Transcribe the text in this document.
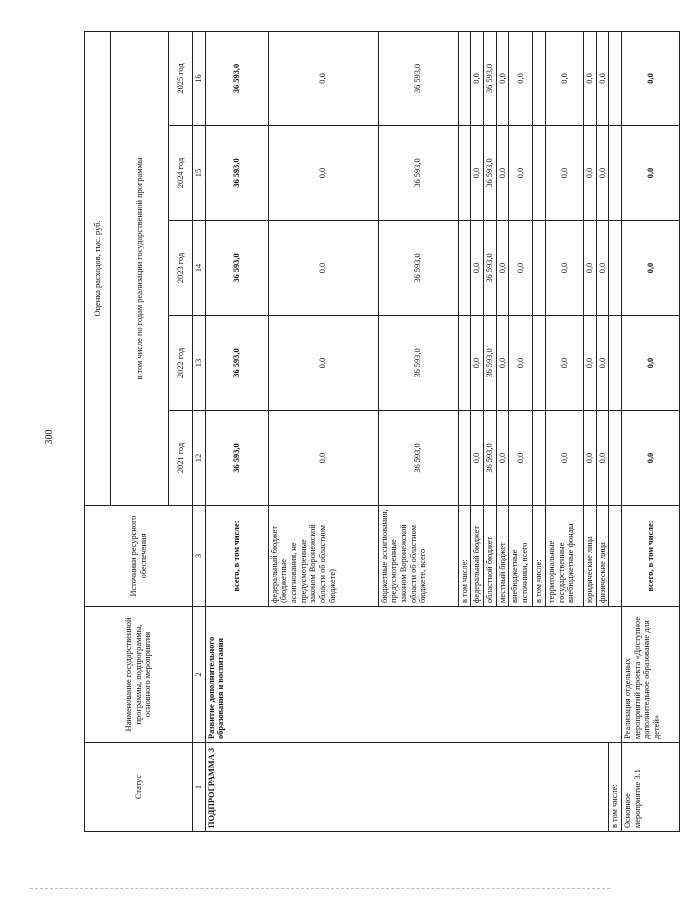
300
Статус	Наименование государственной программы, подпрограммы, основного мероприятия	Источники ресурсного обеспечения	Оценка расходов, тыс. руб.				
			в том числе по годам реализации государственной программы				
			2021 год	2022 год	2023 год	2024 год	2025 год
1	2	3	12	13	14	15	16
ПОДПРОГРАММА 3	Развитие дополнительного образования и воспитания	всего, в том числе:	36 593,0	36 593,0	36 593,0	36 593,0	36 593,0
		федеральный бюджет (бюджетные ассигнования, не предусмотренные законом Воронежской области об областном бюджете)	0,0	0,0	0,0	0,0	0,0
		бюджетные ассигнования, предусмотренные законом Воронежской области об областном бюджете, всего	36 593,0	36 593,0	36 593,0	36 593,0	36 593,0
		в том числе:					
		федеральный бюджет	0,0	0,0	0,0	0,0	0,0
		областной бюджет	36 593,0	36 593,0	36 593,0	36 593,0	36 593,0
		местный бюджет	0,0	0,0	0,0	0,0	0,0
		внебюджетные источники, всего	0,0	0,0	0,0	0,0	0,0
		в том числе:					
		территориальные государственные внебюджетные фонды	0,0	0,0	0,0	0,0	0,0
		юридические лица	0,0	0,0	0,0	0,0	0,0
		физические лица	0,0	0,0	0,0	0,0	0,0
в том числе:							
Основное мероприятие 3.1	Реализация отдельных мероприятий проекта «Доступное дополнительное образование для детей»	всего, в том числе:	0,0	0,0	0,0	0,0	0,0
